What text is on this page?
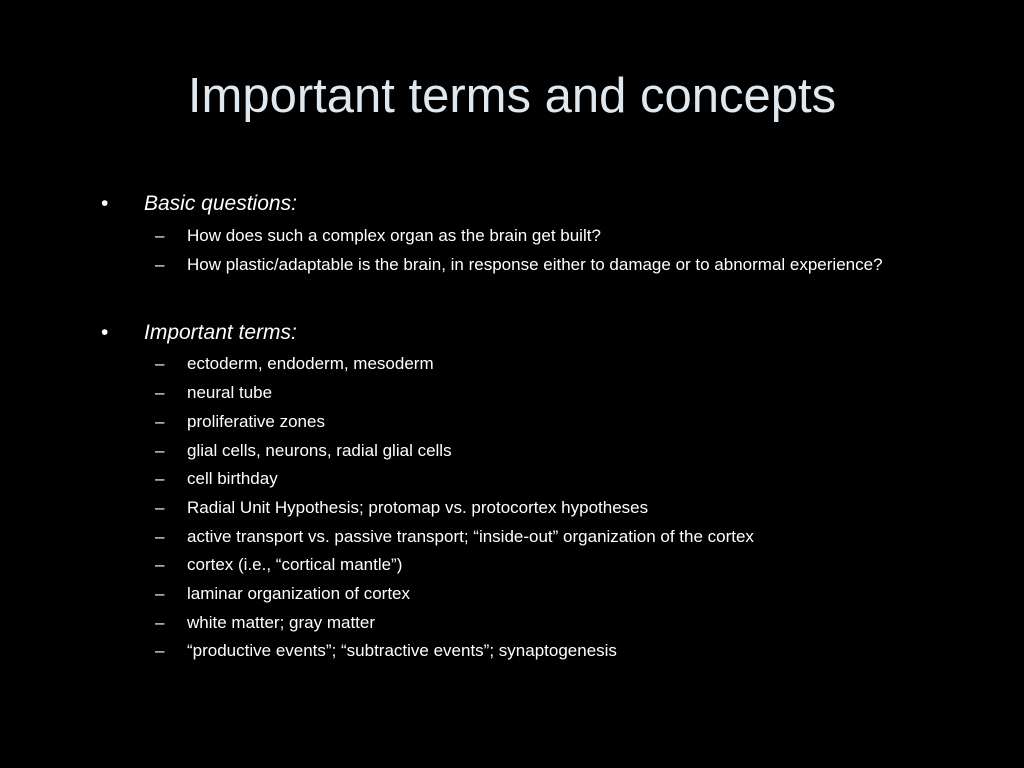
Important terms and concepts
• Basic questions:
– How does such a complex organ as the brain get built?
– How plastic/adaptable is the brain, in response either to damage or to abnormal experience?
• Important terms:
– ectoderm, endoderm, mesoderm
– neural tube
– proliferative zones
– glial cells, neurons, radial glial cells
– cell birthday
– Radial Unit Hypothesis; protomap vs. protocortex hypotheses
– active transport vs. passive transport; “inside-out” organization of the cortex
– cortex (i.e., “cortical mantle”)
– laminar organization of cortex
– white matter; gray matter
– “productive events”; “subtractive events”; synaptogenesis
